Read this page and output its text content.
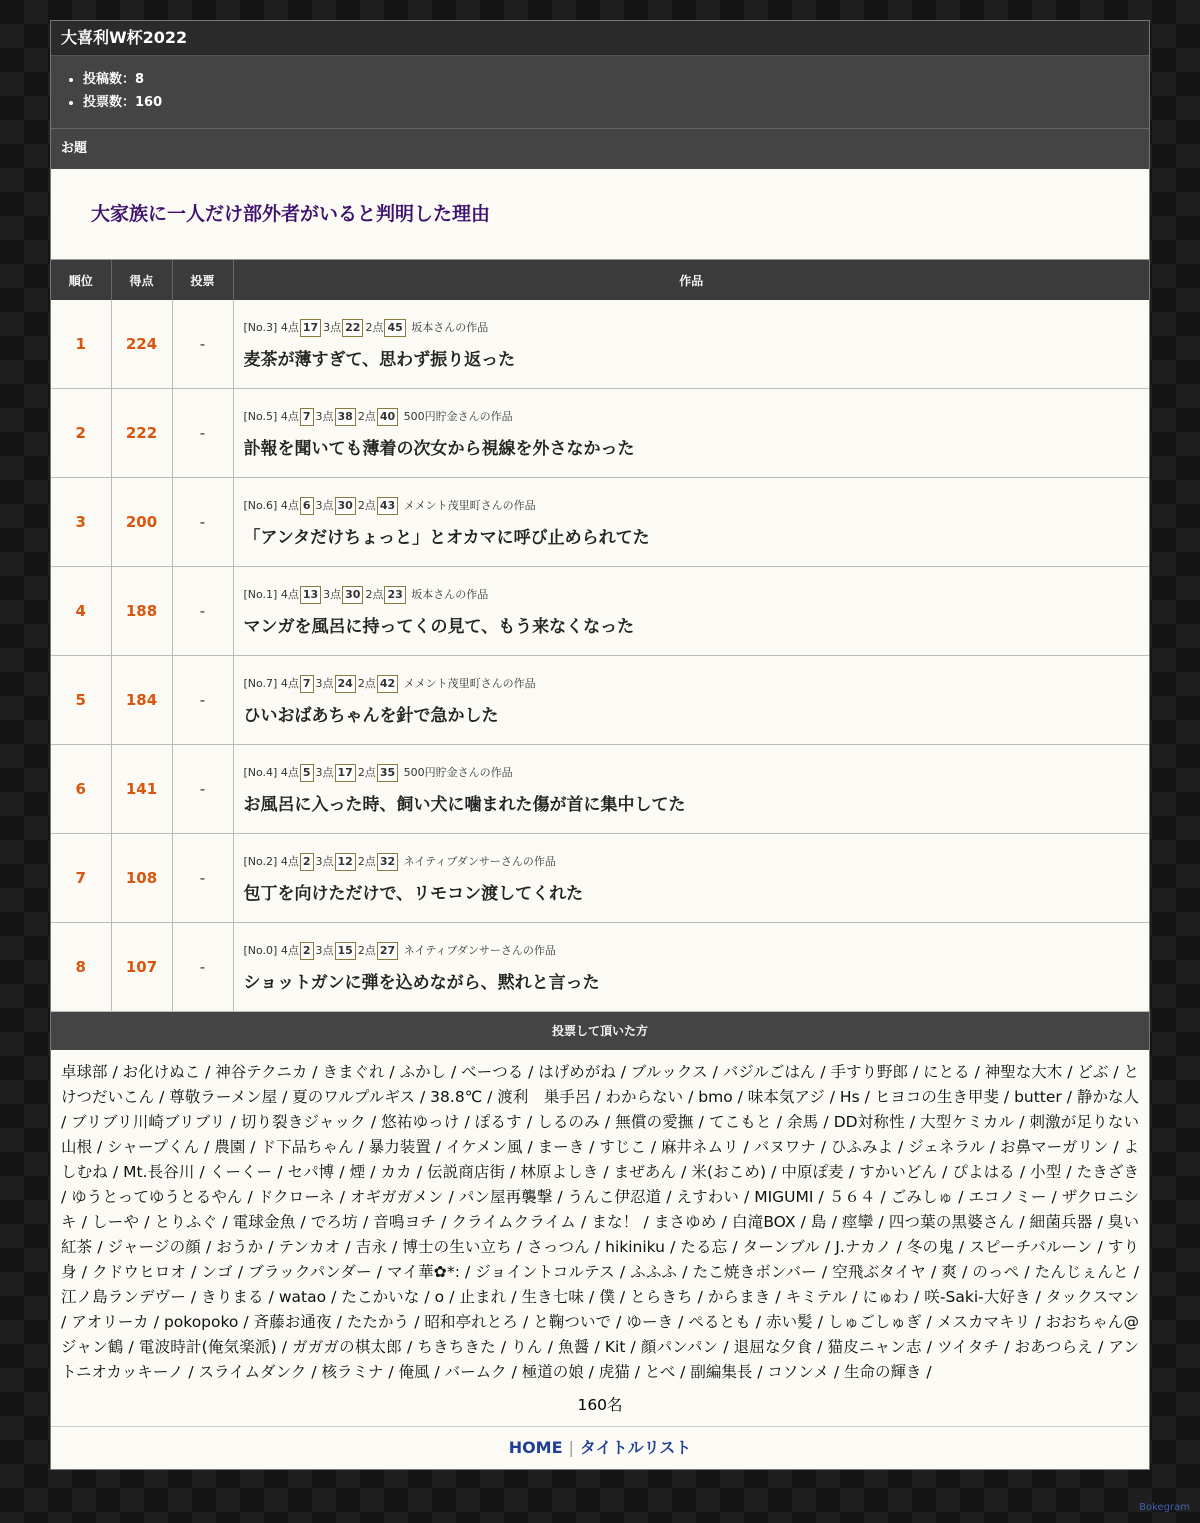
大喜利W杯2022
• 投稿数：8
• 投票数：160
お題
大家族に一人だけ部外者がいると判明した理由
順位	得点	投票	作品
1	224	-	[No.3] 4点 17 3点 22 2点 45 坂本さんの作品
麦茶が薄すぎて、思わず振り返った

2	222	-	[No.5] 4点 7 3点 38 2点 40 500円貯金さんの作品
訃報を聞いても薄着の次女から視線を外さなかった

3	200	-	[No.6] 4点 6 3点 30 2点 43 メメント茂里町さんの作品
「アンタだけちょっと」とオカマに呼び止められてた

4	188	-	[No.1] 4点 13 3点 30 2点 23 坂本さんの作品
マンガを風呂に持ってくの見て、もう来なくなった

5	184	-	[No.7] 4点 7 3点 24 2点 42 メメント茂里町さんの作品
ひいおばあちゃんを針で急かした

6	141	-	[No.4] 4点 5 3点 17 2点 35 500円貯金さんの作品
お風呂に入った時、飼い犬に噛まれた傷が首に集中してた

7	108	-	[No.2] 4点 2 3点 12 2点 32 ネイティブダンサーさんの作品
包丁を向けただけで、リモコン渡してくれた

8	107	-	[No.0] 4点 2 3点 15 2点 27 ネイティブダンサーさんの作品
ショットガンに弾を込めながら、黙れと言った
投票して頂いた方
卓球部 / お化けぬこ / 神谷テクニカ / きまぐれ / ふかし / べーつる / はげめがね / ブルックス / バジルごはん / 手すり野郎 / にとる / 神聖な大木 / どぶ / とけつだいこん / 尊敬ラーメン屋 / 夏のワルプルギス / 38.8℃ / 渡利　巣手呂 / わからない / bmo / 味本気アジ / Hs / ヒヨコの生き甲斐 / butter / 静かな人 / ブリブリ川崎ブリブリ / 切り裂きジャック / 悠祐ゆっけ / ぽるす / しるのみ / 無償の愛撫 / てこもと / 余馬 / DD対称性 / 大型ケミカル / 刺激が足りない山根 / シャープくん / 農園 / ド下品ちゃん / 暴力装置 / イケメン風 / まーき / すじこ / 麻井ネムリ / バヌワナ / ひふみよ / ジェネラル / お鼻マーガリン / よしむね / Mt.長谷川 / くーくー / セパ博 / 煙 / カカ / 伝説商店街 / 林原よしき / まぜあん / 米(おこめ) / 中原ぽ麦 / すかいどん / ぴよはる / 小型 / たきざき / ゆうとってゆうとるやん / ドクローネ / オギガガメン / パン屋再襲撃 / うんこ伊忍道 / えすわい / MIGUMI / ５６４ / ごみしゅ / エコノミー / ザクロニシキ / しーや / とりふぐ / 電球金魚 / でろ坊 / 音鳴ヨチ / クライムクライム / まな！ / まさゆめ / 白滝BOX / 島 / 痙攣 / 四つ葉の黒婆さん / 細菌兵器 / 臭い紅茶 / ジャージの顔 / おうか / テンカオ / 吉永 / 博士の生い立ち / さっつん / hikiniku / たる忘 / ターンブル / J.ナカノ / 冬の鬼 / スピーチバルーン / すり身 / クドウヒロオ / ンゴ / ブラックパンダー / マイ華✿*: / ジョイントコルテス / ふふふ / たこ焼きボンバー / 空飛ぶタイヤ / 爽 / のっぺ / たんじぇんと / 江ノ島ランデヴー / きりまる / watao / たこかいな / o / 止まれ / 生き七味 / 僕 / とらきち / からまき / キミテル / にゅわ / 咲-Saki-大好き / タックスマン / アオリーカ / pokopoko / 斉藤お通夜 / たたかう / 昭和亭れとろ / と鞠ついで / ゆーき / ぺるとも / 赤い髪 / しゅごしゅぎ / メスカマキリ / おおちゃん@ジャン鶴 / 電波時計(俺気楽派) / ガガガの棋太郎 / ちきちきた / りん / 魚醤 / Kit / 顔パンパン / 退屈な夕食 / 猫皮ニャン志 / ツイタチ / おあつらえ / アントニオカッキーノ / スライムダンク / 核ラミナ / 俺風 / バームク / 極道の娘 / 虎猫 / とべ / 副編集長 / コソンメ / 生命の輝き /
160名
HOME | タイトルリスト
Bokegram
